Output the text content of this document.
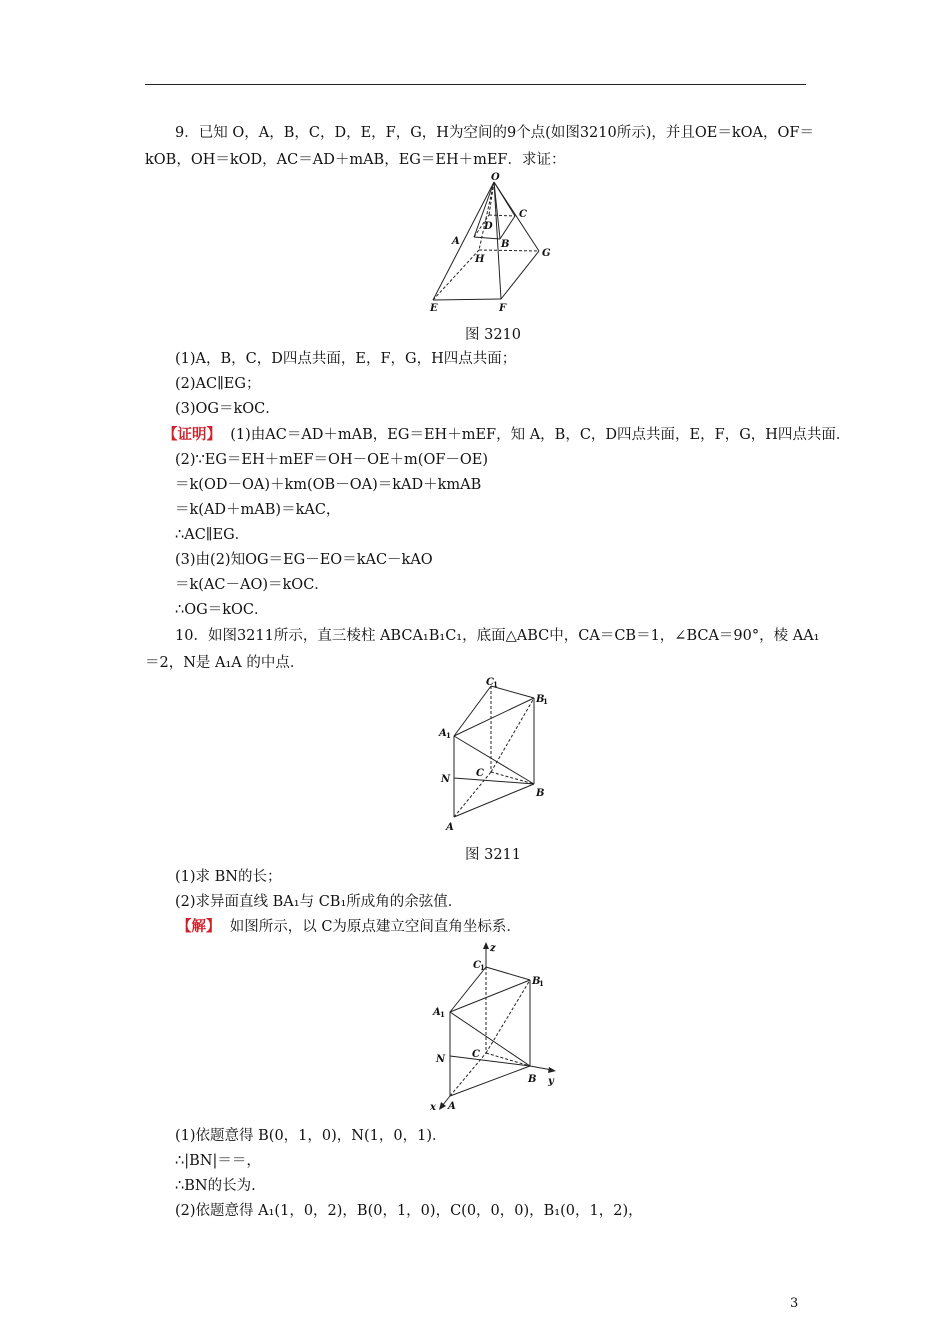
9．已知 O，A，B，C，D，E，F，G，H为空间的9个点(如图3210所示)，并且OE＝kOA，OF＝
kOB，OH＝kOD，AC＝AD＋mAB，EG＝EH＋mEF．求证：
O
C
D
A	B
H
G
E	F
图 3210
(1)A，B，C，D四点共面，E，F，G，H四点共面；
(2)AC∥EG；
(3)OG＝kOC．
【证明】  (1)由AC＝AD＋mAB，EG＝EH＋mEF，知 A，B，C，D四点共面，E，F，G，H四点共面．
(2)∵EG＝EH＋mEF＝OH－OE＋m(OF－OE)
＝k(OD－OA)＋km(OB－OA)＝kAD＋kmAB
＝k(AD＋mAB)＝kAC，
∴AC∥EG．
(3)由(2)知OG＝EG－EO＝kAC－kAO
＝k(AC－AO)＝kOC．
∴OG＝kOC．
10．如图3211所示，直三棱柱 ABCA₁B₁C₁，底面△ABC中，CA＝CB＝1，∠BCA＝90°，棱 AA₁
＝2，N是 A₁A 的中点．
C 1
B
1
A 1
C
N
B
A
图 3211
(1)求 BN的长；
(2)求异面直线 BA₁与 CB₁所成角的余弦值．
【解】  如图所示，以 C为原点建立空间直角坐标系．
z
y
x
C 1
B
1
A 1
C
N
B
A
(1)依题意得 B(0，1，0)，N(1，0，1)．
∴|BN|＝＝，
∴BN的长为.
(2)依题意得 A₁(1，0，2)，B(0，1，0)，C(0，0，0)，B₁(0，1，2)，
3
